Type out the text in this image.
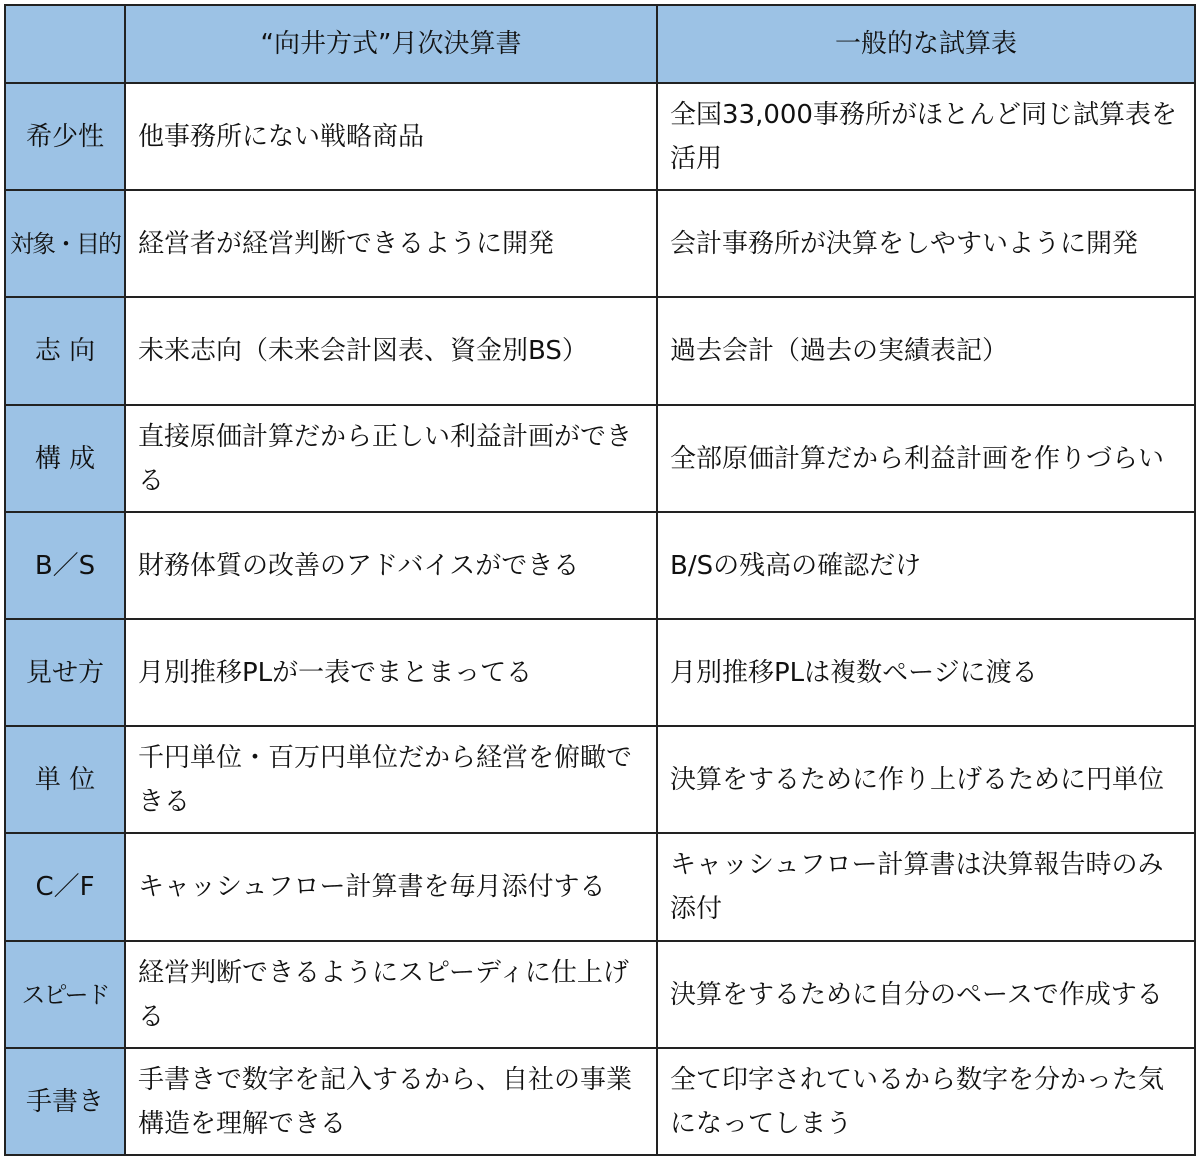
	“向井方式”月次決算書	一般的な試算表
希少性	他事務所にない戦略商品	全国33,000事務所がほとんど同じ試算表を活用
対象・目的	経営者が経営判断できるように開発	会計事務所が決算をしやすいように開発
志 向	未来志向（未来会計図表、資金別BS）	過去会計（過去の実績表記）
構 成	直接原価計算だから正しい利益計画ができる	全部原価計算だから利益計画を作りづらい
B／S	財務体質の改善のアドバイスができる	B/Sの残高の確認だけ
見せ方	月別推移PLが一表でまとまってる	月別推移PLは複数ページに渡る
単 位	千円単位・百万円単位だから経営を俯瞰できる	決算をするために作り上げるために円単位
C／F	キャッシュフロー計算書を毎月添付する	キャッシュフロー計算書は決算報告時のみ添付
スピード	経営判断できるようにスピーディに仕上げる	決算をするために自分のペースで作成する
手書き	手書きで数字を記入するから、自社の事業構造を理解できる	全て印字されているから数字を分かった気になってしまう
